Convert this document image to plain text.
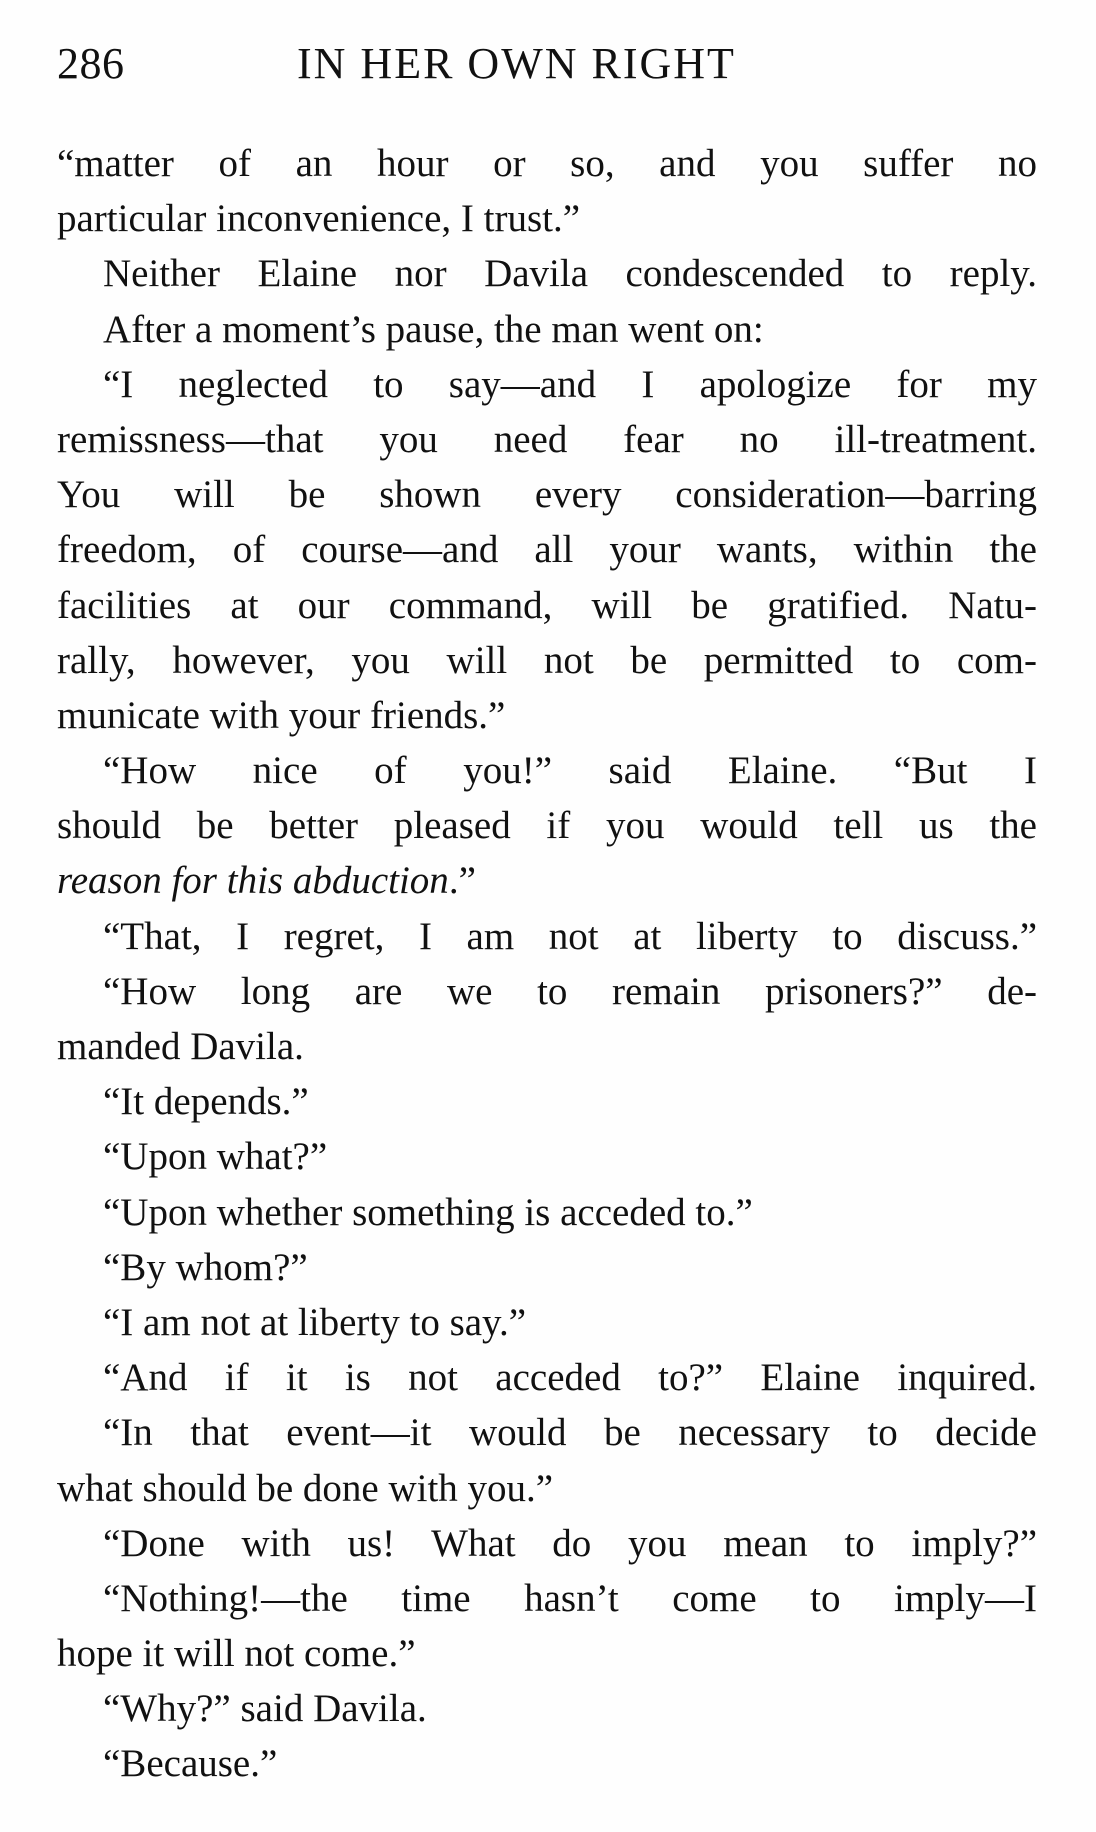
286	IN HER OWN RIGHT
“matter of an hour or so, and you suffer no
particular inconvenience, I trust.”
Neither Elaine nor Davila condescended to reply.
After a moment’s pause, the man went on:
“I neglected to say—and I apologize for my
remissness—that you need fear no ill-treatment.
You will be shown every consideration—barring
freedom, of course—and all your wants, within the
facilities at our command, will be gratified. Natu-
rally, however, you will not be permitted to com-
municate with your friends.”
“How nice of you!” said Elaine. “But I
should be better pleased if you would tell us the
reason for this abduction.”
“That, I regret, I am not at liberty to discuss.”
“How long are we to remain prisoners?” de-
manded Davila.
“It depends.”
“Upon what?”
“Upon whether something is acceded to.”
“By whom?”
“I am not at liberty to say.”
“And if it is not acceded to?” Elaine inquired.
“In that event—it would be necessary to decide
what should be done with you.”
“Done with us! What do you mean to imply?”
“Nothing!—the time hasn’t come to imply—I
hope it will not come.”
“Why?” said Davila.
“Because.”
